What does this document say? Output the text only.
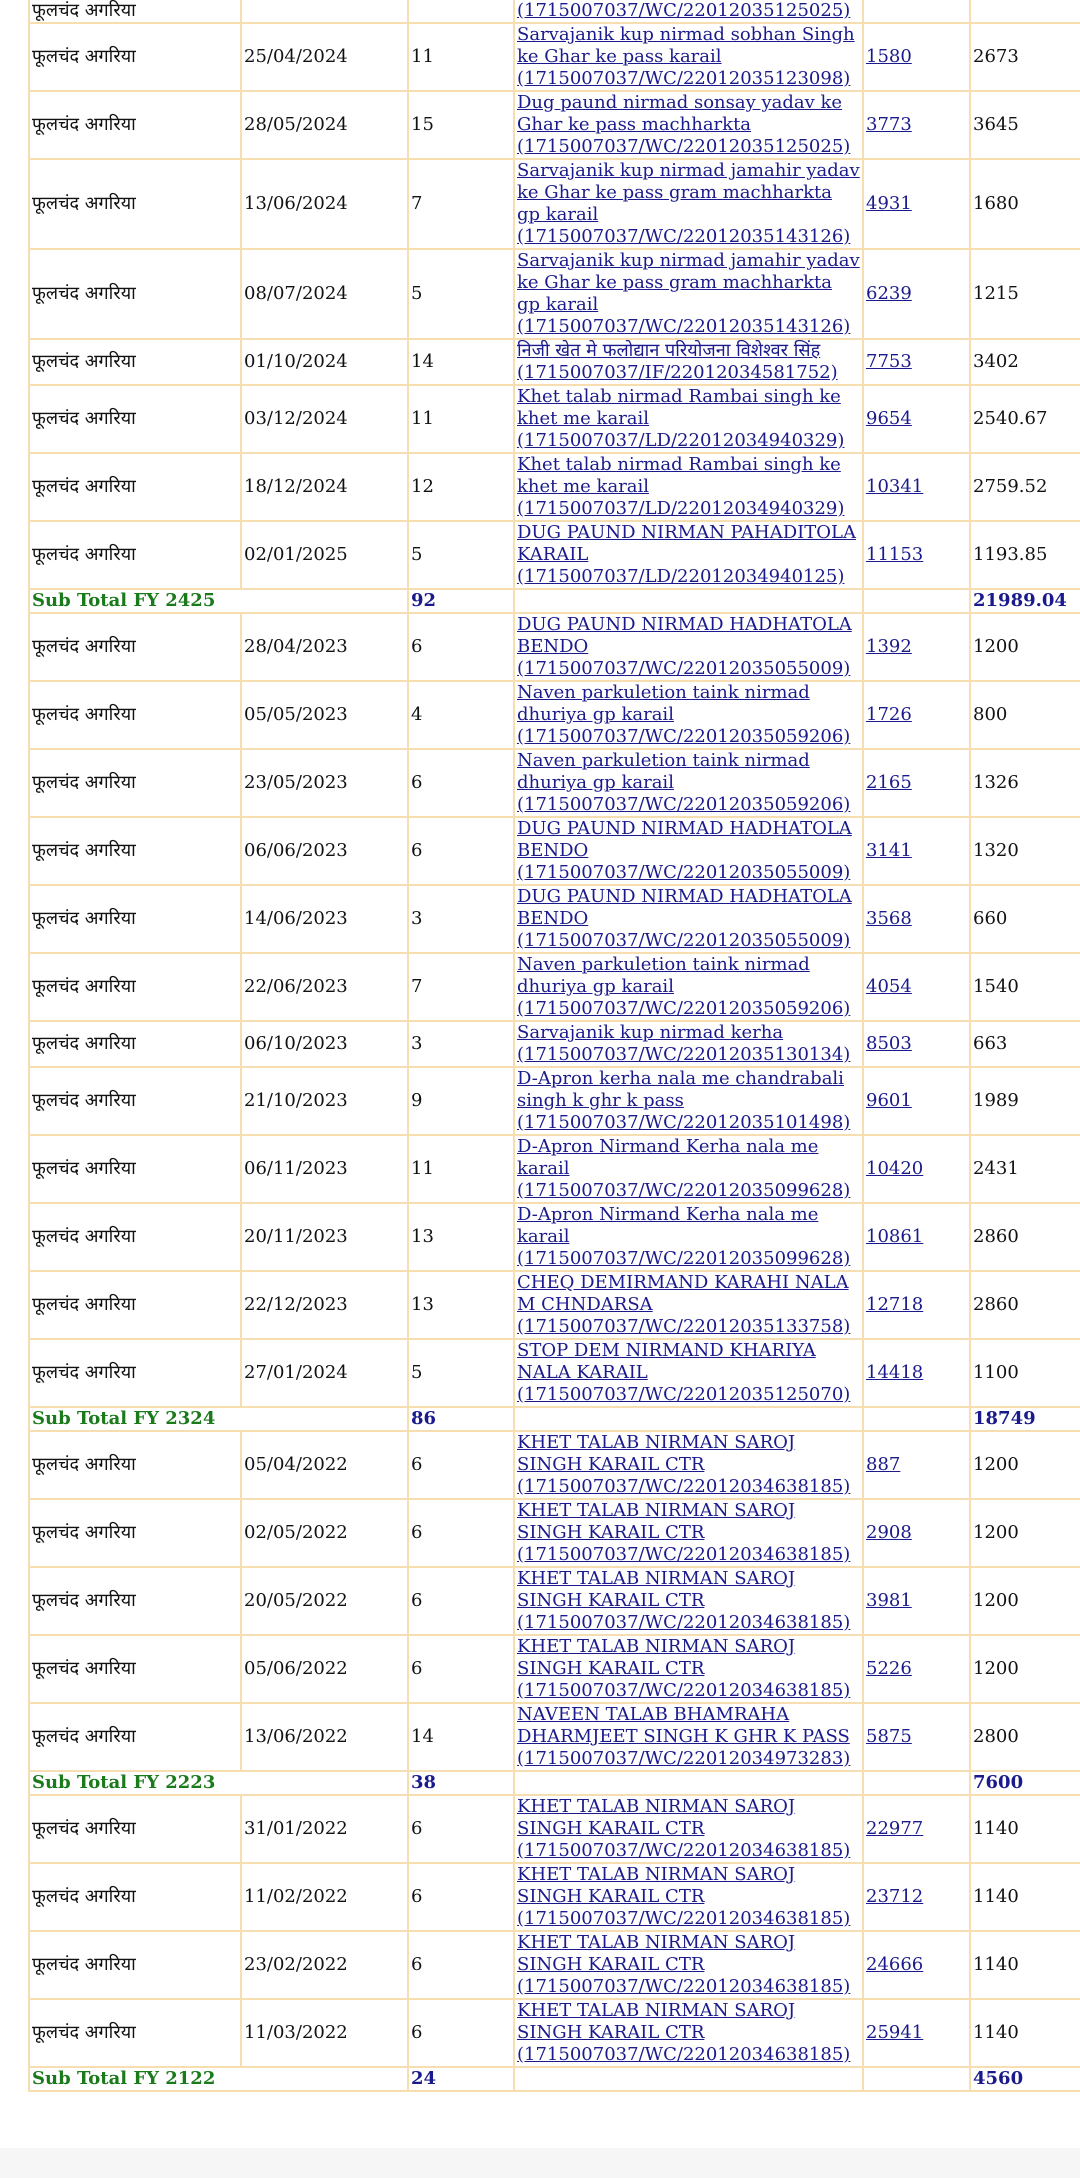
फूलचंद अगरिया			(1715007037/WC/22012035125025)		
फूलचंद अगरिया	25/04/2024	11	Sarvajanik kup nirmad sobhan Singh ke Ghar ke pass karail (1715007037/WC/22012035123098)	1580	2673
फूलचंद अगरिया	28/05/2024	15	Dug paund nirmad sonsay yadav ke Ghar ke pass machharkta (1715007037/WC/22012035125025)	3773	3645
फूलचंद अगरिया	13/06/2024	7	Sarvajanik kup nirmad jamahir yadav ke Ghar ke pass gram machharkta gp karail (1715007037/WC/22012035143126)	4931	1680
फूलचंद अगरिया	08/07/2024	5	Sarvajanik kup nirmad jamahir yadav ke Ghar ke pass gram machharkta gp karail (1715007037/WC/22012035143126)	6239	1215
फूलचंद अगरिया	01/10/2024	14	निजी खेत मे फलोद्यान परियोजना विशेश्वर सिंह (1715007037/IF/22012034581752)	7753	3402
फूलचंद अगरिया	03/12/2024	11	Khet talab nirmad Rambai singh ke khet me karail (1715007037/LD/22012034940329)	9654	2540.67
फूलचंद अगरिया	18/12/2024	12	Khet talab nirmad Rambai singh ke khet me karail (1715007037/LD/22012034940329)	10341	2759.52
फूलचंद अगरिया	02/01/2025	5	DUG PAUND NIRMAN PAHADITOLA KARAIL (1715007037/LD/22012034940125)	11153	1193.85
Sub Total FY 2425		92			21989.04
फूलचंद अगरिया	28/04/2023	6	DUG PAUND NIRMAD HADHATOLA BENDO (1715007037/WC/22012035055009)	1392	1200
फूलचंद अगरिया	05/05/2023	4	Naven parkuletion taink nirmad dhuriya gp karail (1715007037/WC/22012035059206)	1726	800
फूलचंद अगरिया	23/05/2023	6	Naven parkuletion taink nirmad dhuriya gp karail (1715007037/WC/22012035059206)	2165	1326
फूलचंद अगरिया	06/06/2023	6	DUG PAUND NIRMAD HADHATOLA BENDO (1715007037/WC/22012035055009)	3141	1320
फूलचंद अगरिया	14/06/2023	3	DUG PAUND NIRMAD HADHATOLA BENDO (1715007037/WC/22012035055009)	3568	660
फूलचंद अगरिया	22/06/2023	7	Naven parkuletion taink nirmad dhuriya gp karail (1715007037/WC/22012035059206)	4054	1540
फूलचंद अगरिया	06/10/2023	3	Sarvajanik kup nirmad kerha (1715007037/WC/22012035130134)	8503	663
फूलचंद अगरिया	21/10/2023	9	D-Apron kerha nala me chandrabali singh k ghr k pass (1715007037/WC/22012035101498)	9601	1989
फूलचंद अगरिया	06/11/2023	11	D-Apron Nirmand Kerha nala me karail (1715007037/WC/22012035099628)	10420	2431
फूलचंद अगरिया	20/11/2023	13	D-Apron Nirmand Kerha nala me karail (1715007037/WC/22012035099628)	10861	2860
फूलचंद अगरिया	22/12/2023	13	CHEQ DEMIRMAND KARAHI NALA M CHNDARSA (1715007037/WC/22012035133758)	12718	2860
फूलचंद अगरिया	27/01/2024	5	STOP DEM NIRMAND KHARIYA NALA KARAIL (1715007037/WC/22012035125070)	14418	1100
Sub Total FY 2324		86			18749
फूलचंद अगरिया	05/04/2022	6	KHET TALAB NIRMAN SAROJ SINGH KARAIL CTR (1715007037/WC/22012034638185)	887	1200
फूलचंद अगरिया	02/05/2022	6	KHET TALAB NIRMAN SAROJ SINGH KARAIL CTR (1715007037/WC/22012034638185)	2908	1200
फूलचंद अगरिया	20/05/2022	6	KHET TALAB NIRMAN SAROJ SINGH KARAIL CTR (1715007037/WC/22012034638185)	3981	1200
फूलचंद अगरिया	05/06/2022	6	KHET TALAB NIRMAN SAROJ SINGH KARAIL CTR (1715007037/WC/22012034638185)	5226	1200
फूलचंद अगरिया	13/06/2022	14	NAVEEN TALAB BHAMRAHA DHARMJEET SINGH K GHR K PASS (1715007037/WC/22012034973283)	5875	2800
Sub Total FY 2223		38			7600
फूलचंद अगरिया	31/01/2022	6	KHET TALAB NIRMAN SAROJ SINGH KARAIL CTR (1715007037/WC/22012034638185)	22977	1140
फूलचंद अगरिया	11/02/2022	6	KHET TALAB NIRMAN SAROJ SINGH KARAIL CTR (1715007037/WC/22012034638185)	23712	1140
फूलचंद अगरिया	23/02/2022	6	KHET TALAB NIRMAN SAROJ SINGH KARAIL CTR (1715007037/WC/22012034638185)	24666	1140
फूलचंद अगरिया	11/03/2022	6	KHET TALAB NIRMAN SAROJ SINGH KARAIL CTR (1715007037/WC/22012034638185)	25941	1140
Sub Total FY 2122		24			4560
